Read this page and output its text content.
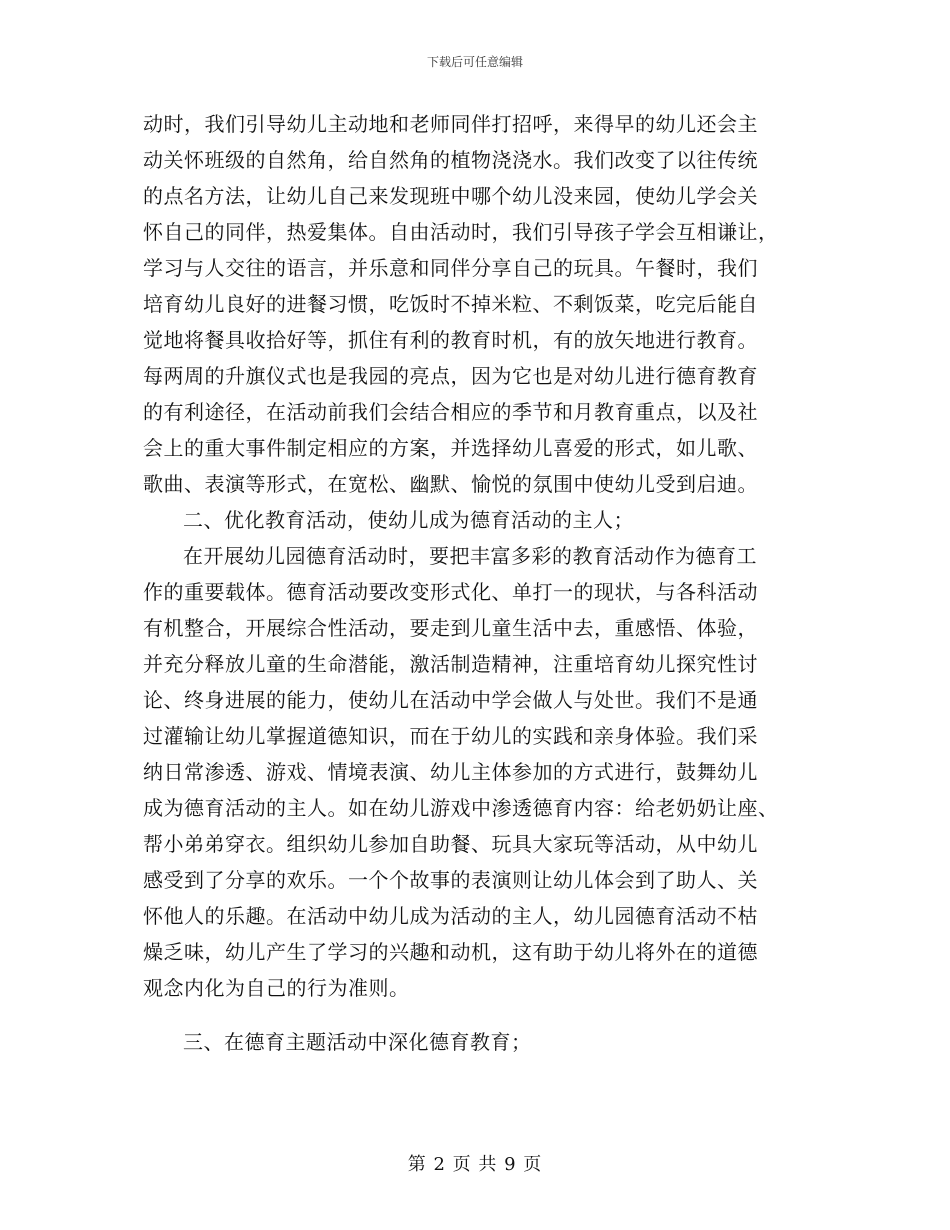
下载后可任意编辑
动时，我们引导幼儿主动地和老师同伴打招呼，来得早的幼儿还会主
动关怀班级的自然角，给自然角的植物浇浇水。我们改变了以往传统
的点名方法，让幼儿自己来发现班中哪个幼儿没来园，使幼儿学会关
怀自己的同伴，热爱集体。自由活动时，我们引导孩子学会互相谦让，
学习与人交往的语言，并乐意和同伴分享自己的玩具。午餐时，我们
培育幼儿良好的进餐习惯，吃饭时不掉米粒、不剩饭菜，吃完后能自
觉地将餐具收拾好等，抓住有利的教育时机，有的放矢地进行教育。
每两周的升旗仪式也是我园的亮点，因为它也是对幼儿进行德育教育
的有利途径，在活动前我们会结合相应的季节和月教育重点，以及社
会上的重大事件制定相应的方案，并选择幼儿喜爱的形式，如儿歌、
歌曲、表演等形式，在宽松、幽默、愉悦的氛围中使幼儿受到启迪。
二、优化教育活动，使幼儿成为德育活动的主人；
在开展幼儿园德育活动时，要把丰富多彩的教育活动作为德育工
作的重要载体。德育活动要改变形式化、单打一的现状，与各科活动
有机整合，开展综合性活动，要走到儿童生活中去，重感悟、体验，
并充分释放儿童的生命潜能，激活制造精神，注重培育幼儿探究性讨
论、终身进展的能力，使幼儿在活动中学会做人与处世。我们不是通
过灌输让幼儿掌握道德知识，而在于幼儿的实践和亲身体验。我们采
纳日常渗透、游戏、情境表演、幼儿主体参加的方式进行，鼓舞幼儿
成为德育活动的主人。如在幼儿游戏中渗透德育内容：给老奶奶让座、
帮小弟弟穿衣。组织幼儿参加自助餐、玩具大家玩等活动，从中幼儿
感受到了分享的欢乐。一个个故事的表演则让幼儿体会到了助人、关
怀他人的乐趣。在活动中幼儿成为活动的主人，幼儿园德育活动不枯
燥乏味，幼儿产生了学习的兴趣和动机，这有助于幼儿将外在的道德
观念内化为自己的行为准则。
三、在德育主题活动中深化德育教育；
第 2 页 共 9 页
